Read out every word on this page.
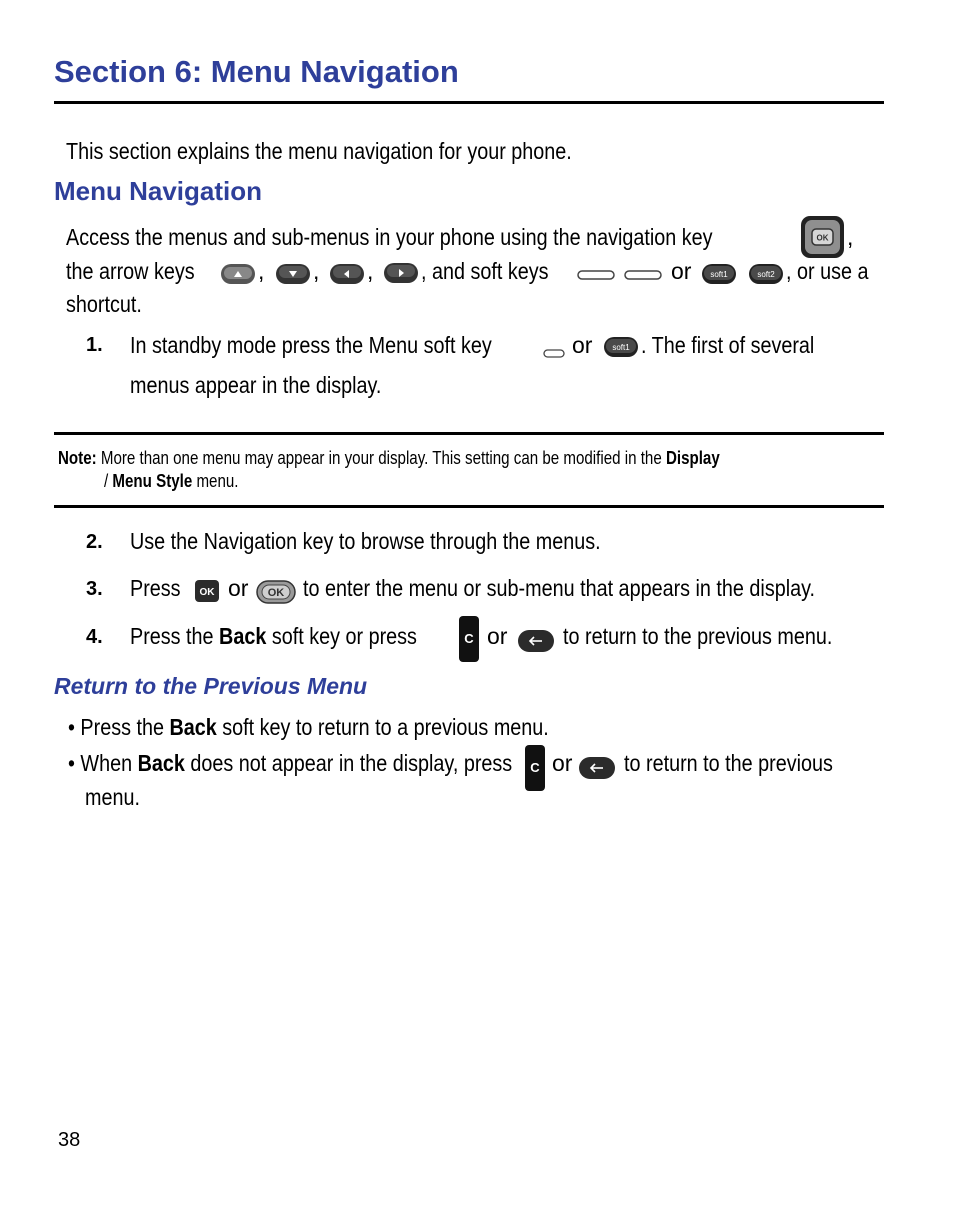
Section 6: Menu Navigation
This section explains the menu navigation for your phone.
Menu Navigation
Access the menus and sub-menus in your phone using the navigation key	OK ,
the arrow keys	, , , , and soft keys	or soft1	soft2 , or use a
shortcut.
1. In standby mode press the Menu soft key	or soft1 . The first of several
menus appear in the display.
Note: More than one menu may appear in your display. This setting can be modified in the Display
/ Menu Style menu.
2. Use the Navigation key to browse through the menus.
3. Press OK or OK to enter the menu or sub-menu that appears in the display.
4. Press the Back soft key or press	C or to return to the previous menu.
Return to the Previous Menu
• Press the Back soft key to return to a previous menu.
• When Back does not appear in the display, press C or to return to the previous
menu.
38
